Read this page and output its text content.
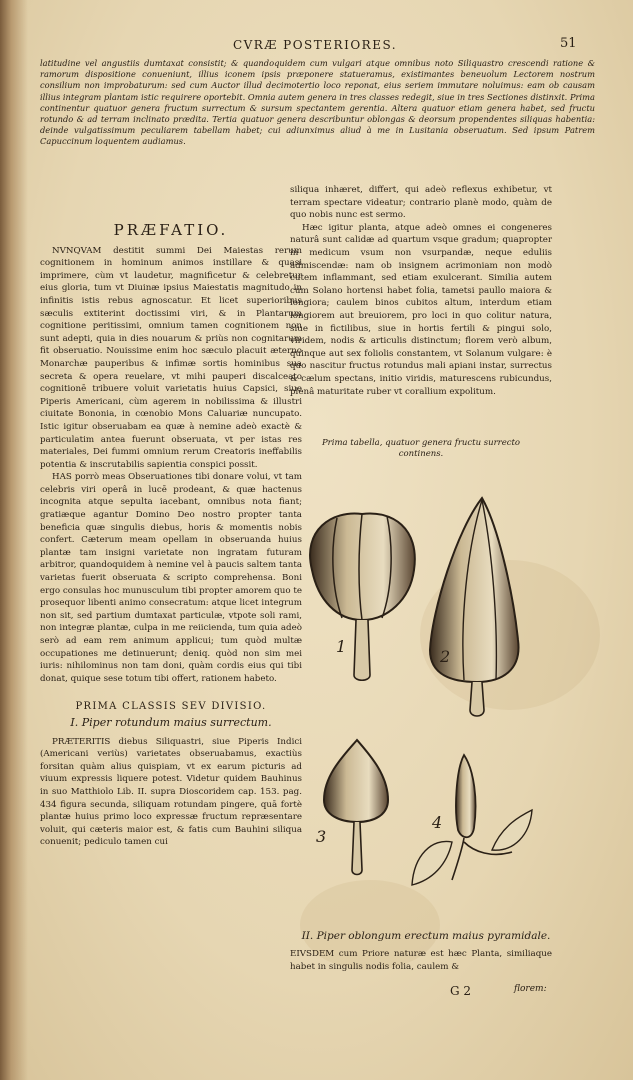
CVRÆ POSTERIORES.	51
latitudine vel angustiis dumtaxat consistit; & quandoquidem cum vulgari atque omnibus noto Siliquastro crescendi ratione & ramorum dispositione conueniunt, illius iconem ipsis præponere statueramus, existimantes beneuolum Lectorem nostrum consilium non improbaturum: sed cum Auctor illud decimotertio loco reponat, eius seriem immutare noluimus: eam ob causam illius integram plantam istic requirere oportebit. Omnia autem genera in tres classes redegit, siue in tres Sectiones distinxit. Prima continentur quatuor genera fructum surrectum & sursum spectantem gerentia. Altera quatuor etiam genera habet, sed fructu rotundo & ad terram inclinato prædita. Tertia quatuor genera describuntur oblongas & deorsum propendentes siliquas habentia: deinde vulgatissimum peculiarem tabellam habet; cui adiunximus aliud à me in Lusitania obseruatum. Sed ipsum Patrem Capuccinum loquentem audiamus.
PRÆFATIO.

NVNQVAM destitit summi Dei Maiestas rerum cognitionem in hominum animos instillare & quasi imprimere, cùm vt laudetur, magnificetur & celebretur eius gloria, tum vt Diuinæ ipsius Maiestatis magnitudo in infinitis istis rebus agnoscatur. Et licet superioribus sæculis extiterint doctissimi viri, & in Plantarum cognitione peritissimi, omnium tamen cognitionem non sunt adepti, quia in dies nouarum & priùs non cognitarum fit obseruatio. Nouissime enim hoc sæculo placuit æterno Monarchæ pauperibus & infimæ sortis hominibus sua secreta & opera reuelare, vt mihi pauperi discalceato cognitionē tribuere voluit varietatis huius Capsici, siue Piperis Americani, cùm agerem in nobilissima & illustri ciuitate Bononia, in cœnobio Mons Caluariæ nuncupato. Istic igitur obseruabam ea quæ à nemine adeò exactè & particulatim antea fuerunt obseruata, vt per istas res materiales, Dei fummi omnium rerum Creatoris ineffabilis potentia & inscrutabilis sapientia conspici possit.

HAS porrò meas Obseruationes tibi donare volui, vt tam celebris viri operâ in lucē prodeant, & quæ hactenus incognita atque sepulta iacebant, omnibus nota fiant; gratiæque agantur Domino Deo nostro propter tanta beneficia quæ singulis diebus, horis & momentis nobis confert. Cæterum meam opellam in obseruanda huius plantæ tam insigni varietate non ingratam futuram arbitror, quandoquidem à nemine vel à paucis saltem tanta varietas fuerit obseruata & scripto comprehensa. Boni ergo consulas hoc munusculum tibi propter amorem quo te prosequor libenti animo consecratum: atque licet integrum non sit, sed partium dumtaxat particulæ, vtpote soli rami, non integræ plantæ, culpa in me reiicienda, tum quia adeò serò ad eam rem animum applicui; tum quòd multæ occupationes me detinuerunt; deniq. quòd non sim mei iuris: nihilominus non tam doni, quàm cordis eius qui tibi donat, quique sese totum tibi offert, rationem habeto.

PRIMA CLASSIS SEV DIVISIO.
I. Piper rotundum maius surrectum.

PRÆTERITIS diebus Siliquastri, siue Piperis Indici (Americani veriùs) varietates obseruabamus, exactiùs forsitan quàm alius quispiam, vt ex earum picturis ad viuum expressis liquere potest. Videtur quidem Bauhinus in suo Matthiolo Lib. II. supra Dioscoridem cap. 153. pag. 434 figura secunda, siliquam rotundam pingere, quā fortè plantæ huius primo loco expressæ fructum repræsentare voluit, qui cæteris maior est, & fatis cum Bauhini siliqua conuenit; pediculo tamen cui

siliqua inhæret, differt, qui adeò reflexus exhibetur, vt terram spectare videatur; contrario planè modo, quàm de quo nobis nunc est sermo.

Hæc igitur planta, atque adeò omnes ei congeneres naturâ sunt calidæ ad quartum vsque gradum; quapropter in medicum vsum non vsurpandæ, neque eduliis admiscendæ: nam ob insignem acrimoniam non modò cutem inflammant, sed etiam exulcerant. Similia autem cum Solano hortensi habet folia, tametsi paullo maiora & longiora; caulem binos cubitos altum, interdum etiam longiorem aut breuiorem, pro loci in quo colitur natura, siue in fictilibus, siue in hortis fertili & pingui solo, viridem, nodis & articulis distinctum; florem verò album, quinque aut sex foliolis constantem, vt Solanum vulgare: è quo nascitur fructus rotundus mali apiani instar, surrectus & cælum spectans, initio viridis, maturescens rubicundus, plenâ maturitate ruber vt corallium expolitum.

Prima tabella, quatuor genera fructu surrecto
continens.
1
2
3
4
II. Piper oblongum erectum maius pyramidale.
EIVSDEM cum Priore naturæ est hæc Planta, similiaque habet in singulis nodis folia, caulem &
G 2	florem:
